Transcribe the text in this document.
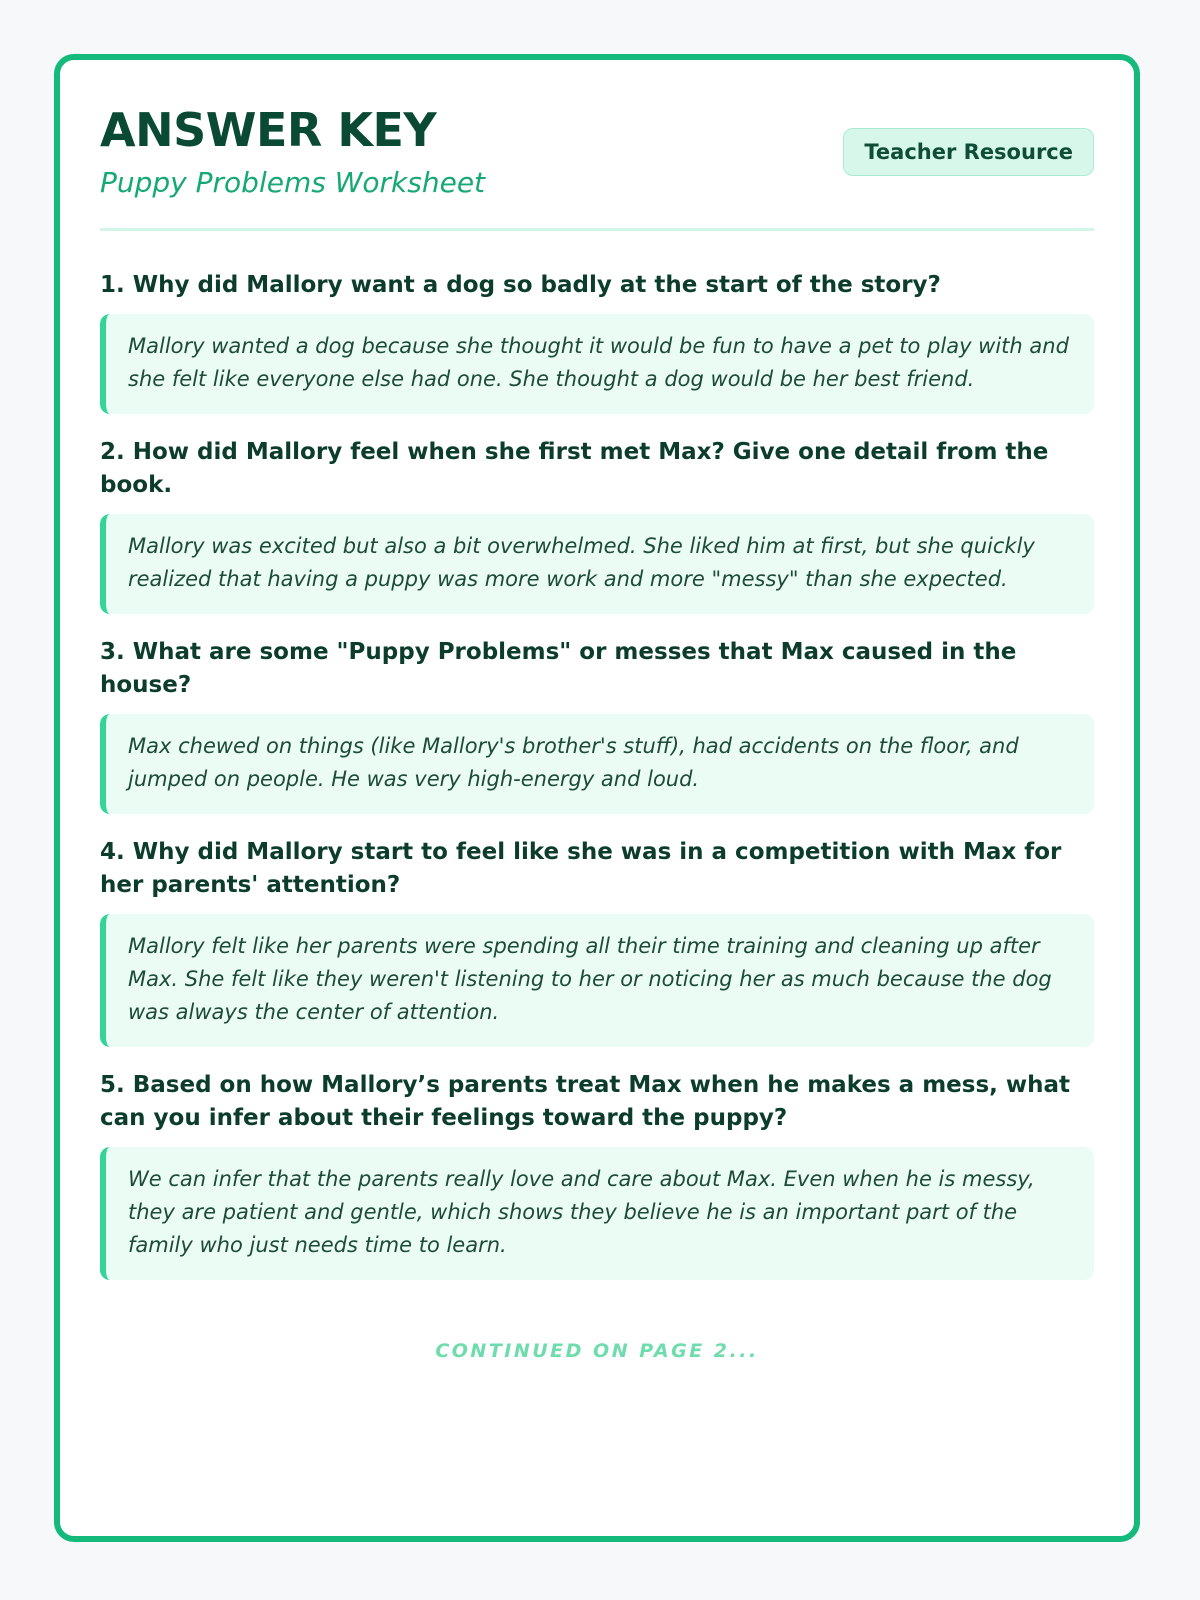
ANSWER KEY
Puppy Problems Worksheet
Teacher Resource
1. Why did Mallory want a dog so badly at the start of the story?
Mallory wanted a dog because she thought it would be fun to have a pet to play with and she felt like everyone else had one. She thought a dog would be her best friend.
2. How did Mallory feel when she first met Max? Give one detail from the book.
Mallory was excited but also a bit overwhelmed. She liked him at first, but she quickly realized that having a puppy was more work and more "messy" than she expected.
3. What are some "Puppy Problems" or messes that Max caused in the house?
Max chewed on things (like Mallory's brother's stuff), had accidents on the floor, and jumped on people. He was very high-energy and loud.
4. Why did Mallory start to feel like she was in a competition with Max for her parents' attention?
Mallory felt like her parents were spending all their time training and cleaning up after Max. She felt like they weren't listening to her or noticing her as much because the dog was always the center of attention.
5. Based on how Mallory’s parents treat Max when he makes a mess, what can you infer about their feelings toward the puppy?
We can infer that the parents really love and care about Max. Even when he is messy, they are patient and gentle, which shows they believe he is an important part of the family who just needs time to learn.
CONTINUED ON PAGE 2...
